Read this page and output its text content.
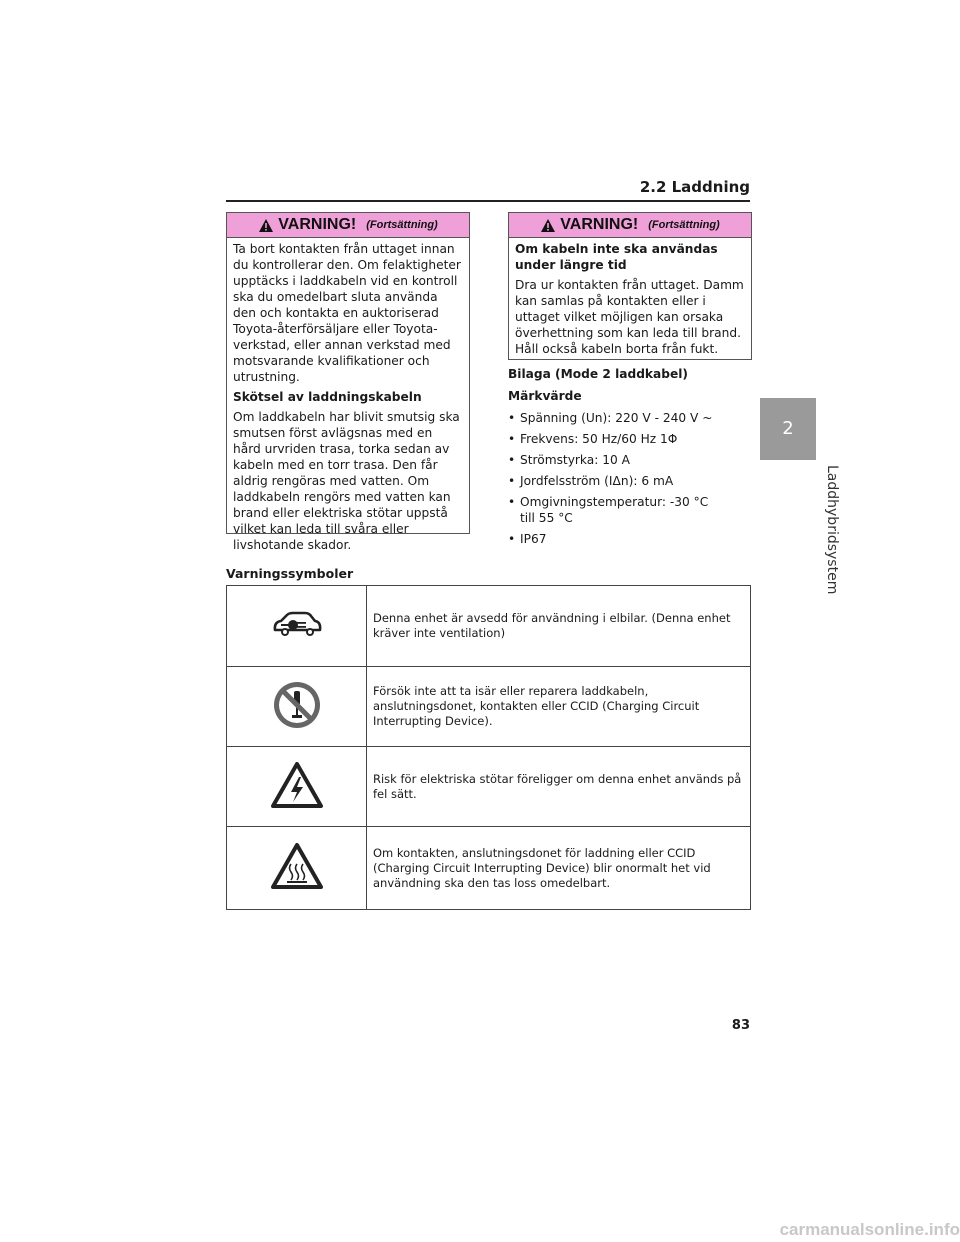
2.2 Laddning
2
Laddhybridsystem
VARNING! (Fortsättning)

Ta bort kontakten från uttaget innan du kontrollerar den. Om felaktigheter upptäcks i laddkabeln vid en kontroll ska du omedelbart sluta använda den och kontakta en auktoriserad Toyota-återförsäljare eller Toyota-verkstad, eller annan verkstad med motsvarande kvalifikationer och utrustning.

Skötsel av laddningskabeln

Om laddkabeln har blivit smutsig ska smutsen först avlägsnas med en hård urvriden trasa, torka sedan av kabeln med en torr trasa. Den får aldrig rengöras med vatten. Om laddkabeln rengörs med vatten kan brand eller elektriska stötar uppstå vilket kan leda till svåra eller livshotande skador.

VARNING! (Fortsättning)

Om kabeln inte ska användas under längre tid

Dra ur kontakten från uttaget. Damm kan samlas på kontakten eller i uttaget vilket möjligen kan orsaka överhettning som kan leda till brand. Håll också kabeln borta från fukt.

Bilaga (Mode 2 laddkabel)

Märkvärde

• Spänning (Un): 220 V - 240 V ~
• Frekvens: 50 Hz/60 Hz 1Φ
• Strömstyrka: 10 A
• Jordfelsström (IΔn): 6 mA
• Omgivningstemperatur: -30 °C till 55 °C
• IP67
Varningssymboler
	Denna enhet är avsedd för användning i elbilar. (Denna enhet kräver inte ventilation)
	Försök inte att ta isär eller reparera laddkabeln, anslutningsdonet, kontakten eller CCID (Charging Circuit Interrupting Device).
	Risk för elektriska stötar föreligger om denna enhet används på fel sätt.
	Om kontakten, anslutningsdonet för laddning eller CCID (Charging Circuit Interrupting Device) blir onormalt het vid användning ska den tas loss omedelbart.
83
carmanualsonline.info
